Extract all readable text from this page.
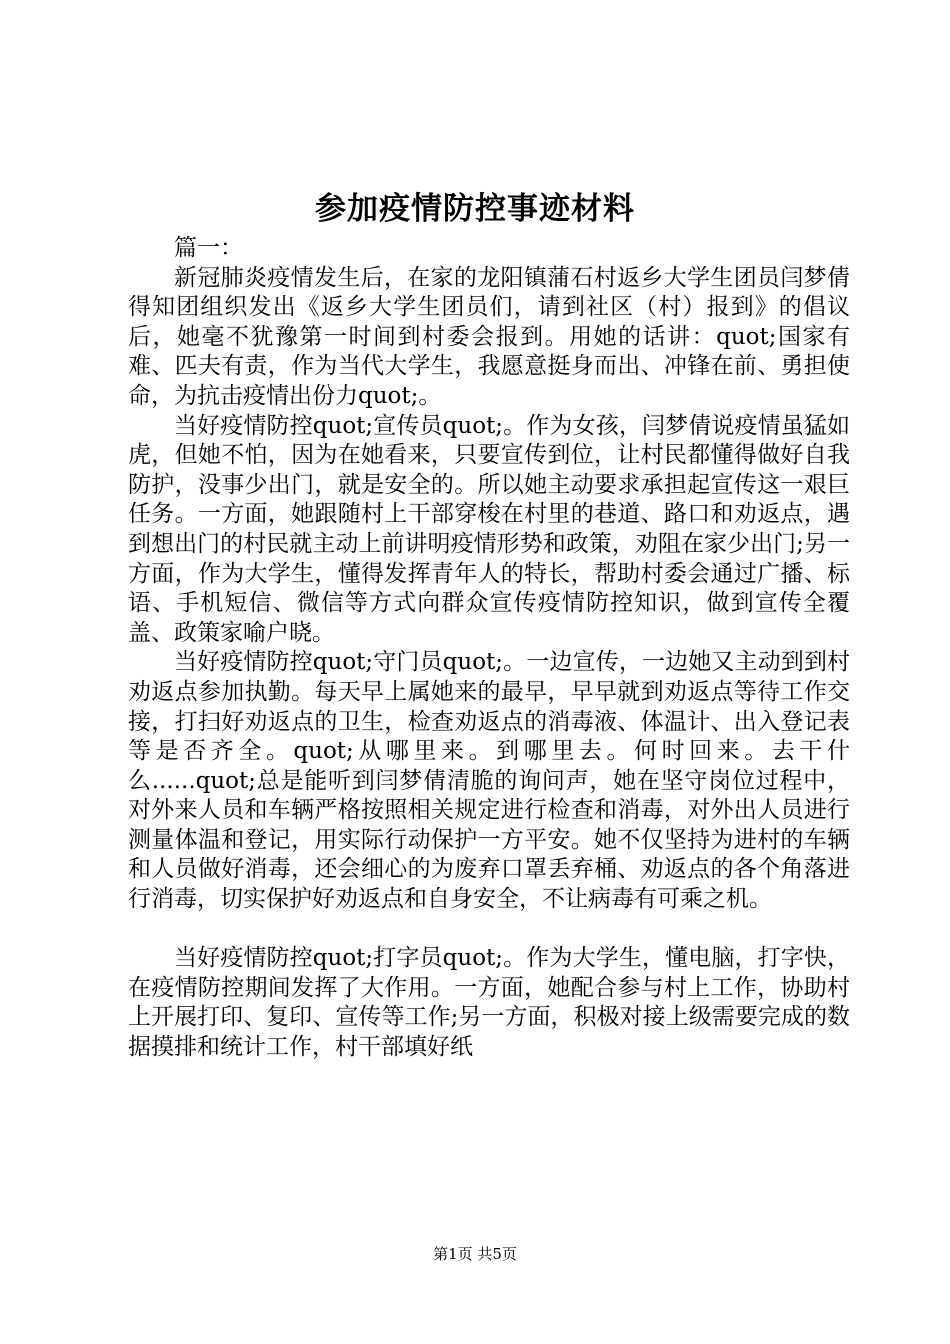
参加疫情防控事迹材料

篇一：

新冠肺炎疫情发生后，在家的龙阳镇蒲石村返乡大学生团员闫梦倩得知团组织发出《返乡大学生团员们，请到社区（村）报到》的倡议后，她毫不犹豫第一时间到村委会报到。用她的话讲：quot;国家有难、匹夫有责，作为当代大学生，我愿意挺身而出、冲锋在前、勇担使命，为抗击疫情出份力quot;。

当好疫情防控quot;宣传员quot;。作为女孩，闫梦倩说疫情虽猛如虎，但她不怕，因为在她看来，只要宣传到位，让村民都懂得做好自我防护，没事少出门，就是安全的。所以她主动要求承担起宣传这一艰巨任务。一方面，她跟随村上干部穿梭在村里的巷道、路口和劝返点，遇到想出门的村民就主动上前讲明疫情形势和政策，劝阻在家少出门;另一方面，作为大学生，懂得发挥青年人的特长，帮助村委会通过广播、标语、手机短信、微信等方式向群众宣传疫情防控知识，做到宣传全覆盖、政策家喻户晓。

当好疫情防控quot;守门员quot;。一边宣传，一边她又主动到到村劝返点参加执勤。每天早上属她来的最早，早早就到劝返点等待工作交接，打扫好劝返点的卫生，检查劝返点的消毒液、体温计、出入登记表等是否齐全。quot;从哪里来。到哪里去。何时回来。去干什么......quot;总是能听到闫梦倩清脆的询问声，她在坚守岗位过程中，对外来人员和车辆严格按照相关规定进行检查和消毒，对外出人员进行测量体温和登记，用实际行动保护一方平安。她不仅坚持为进村的车辆和人员做好消毒，还会细心的为废弃口罩丢弃桶、劝返点的各个角落进行消毒，切实保护好劝返点和自身安全，不让病毒有可乘之机。

当好疫情防控quot;打字员quot;。作为大学生，懂电脑，打字快，在疫情防控期间发挥了大作用。一方面，她配合参与村上工作，协助村上开展打印、复印、宣传等工作;另一方面，积极对接上级需要完成的数据摸排和统计工作，村干部填好纸

第1页 共5页
